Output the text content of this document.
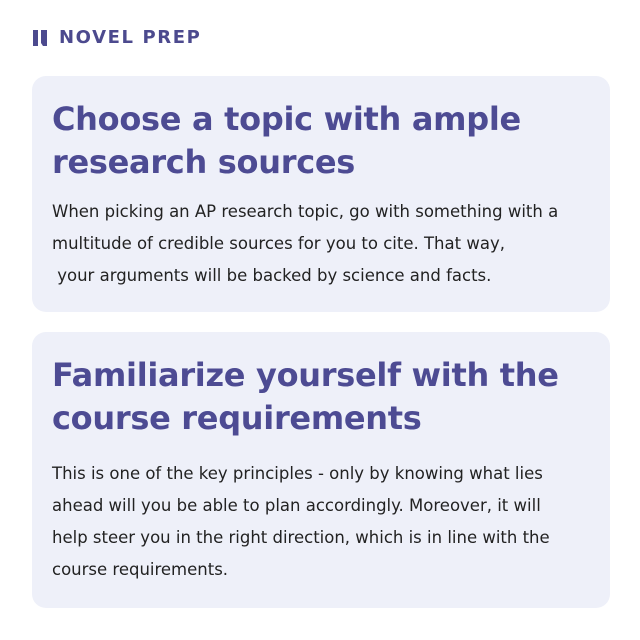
NOVEL PREP
Choose a topic with ample research sources

When picking an AP research topic, go with something with a
multitude of credible sources for you to cite. That way,
your arguments will be backed by science and facts.

Familiarize yourself with the course requirements

This is one of the key principles - only by knowing what lies
ahead will you be able to plan accordingly. Moreover, it will
help steer you in the right direction, which is in line with the
course requirements.
